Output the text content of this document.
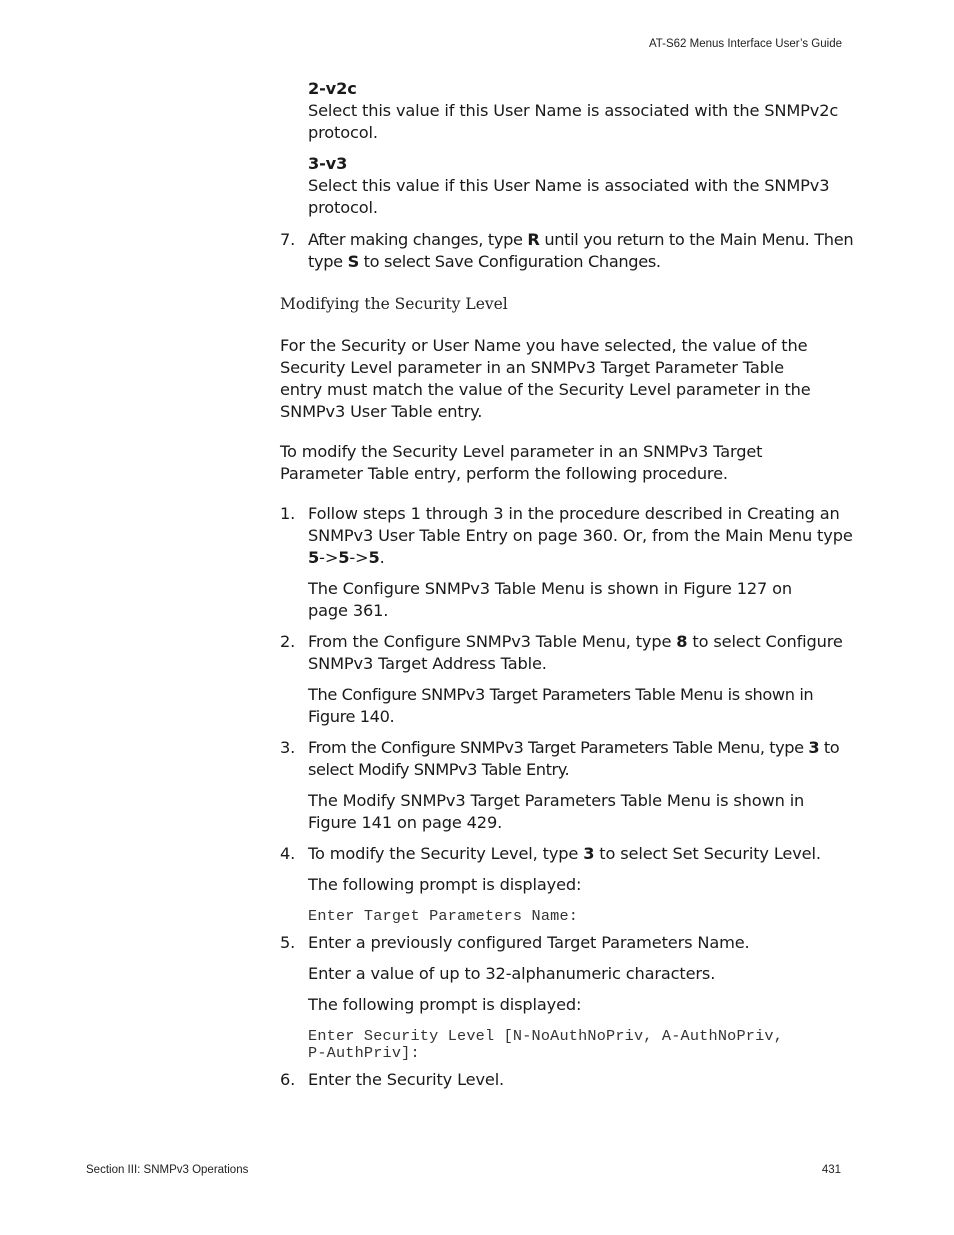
AT-S62 Menus Interface User’s Guide
2-v2c
Select this value if this User Name is associated with the SNMPv2c protocol.
3-v3
Select this value if this User Name is associated with the SNMPv3 protocol.
7. After making changes, type R until you return to the Main Menu. Then type S to select Save Configuration Changes.
Modifying the Security Level
For the Security or User Name you have selected, the value of the Security Level parameter in an SNMPv3 Target Parameter Table entry must match the value of the Security Level parameter in the SNMPv3 User Table entry.
To modify the Security Level parameter in an SNMPv3 Target Parameter Table entry, perform the following procedure.
1. Follow steps 1 through 3 in the procedure described in Creating an SNMPv3 User Table Entry on page 360. Or, from the Main Menu type 5->5->5.
The Configure SNMPv3 Table Menu is shown in Figure 127 on page 361.
2. From the Configure SNMPv3 Table Menu, type 8 to select Configure SNMPv3 Target Address Table.
The Configure SNMPv3 Target Parameters Table Menu is shown in Figure 140.
3. From the Configure SNMPv3 Target Parameters Table Menu, type 3 to select Modify SNMPv3 Table Entry.
The Modify SNMPv3 Target Parameters Table Menu is shown in Figure 141 on page 429.
4. To modify the Security Level, type 3 to select Set Security Level.
The following prompt is displayed:
Enter Target Parameters Name:
5. Enter a previously configured Target Parameters Name.
Enter a value of up to 32-alphanumeric characters.
The following prompt is displayed:
Enter Security Level [N-NoAuthNoPriv, A-AuthNoPriv,
P-AuthPriv]:
6. Enter the Security Level.
Section III: SNMPv3 Operations	431
